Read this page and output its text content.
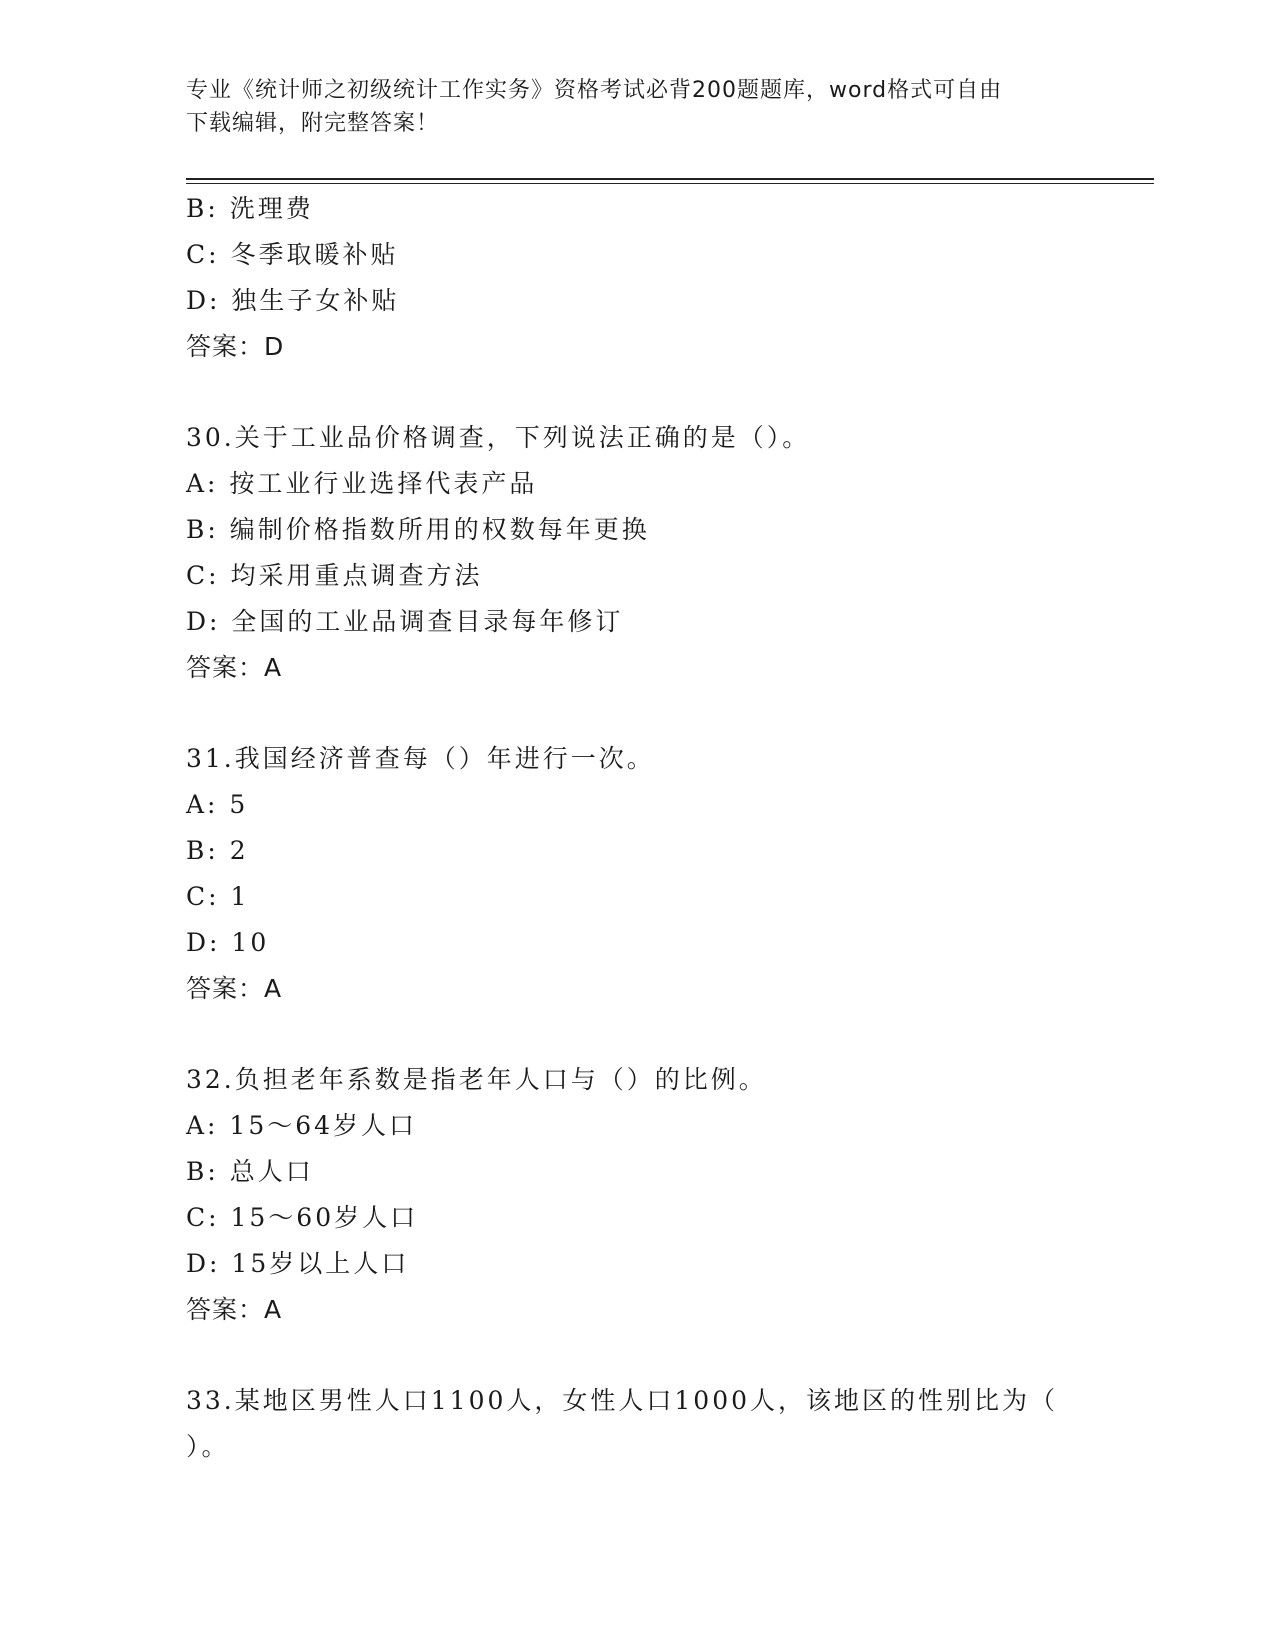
专业《统计师之初级统计工作实务》资格考试必背200题题库，word格式可自由
下载编辑，附完整答案！
B: 洗理费
C: 冬季取暖补贴
D: 独生子女补贴
答案：D
30.关于工业品价格调查，下列说法正确的是（）。
A: 按工业行业选择代表产品
B: 编制价格指数所用的权数每年更换
C: 均采用重点调查方法
D: 全国的工业品调查目录每年修订
答案：A
31.我国经济普查每（）年进行一次。
A: 5
B: 2
C: 1
D: 10
答案：A
32.负担老年系数是指老年人口与（）的比例。
A: 15～64岁人口
B: 总人口
C: 15～60岁人口
D: 15岁以上人口
答案：A
33.某地区男性人口1100人，女性人口1000人，该地区的性别比为（
）。
